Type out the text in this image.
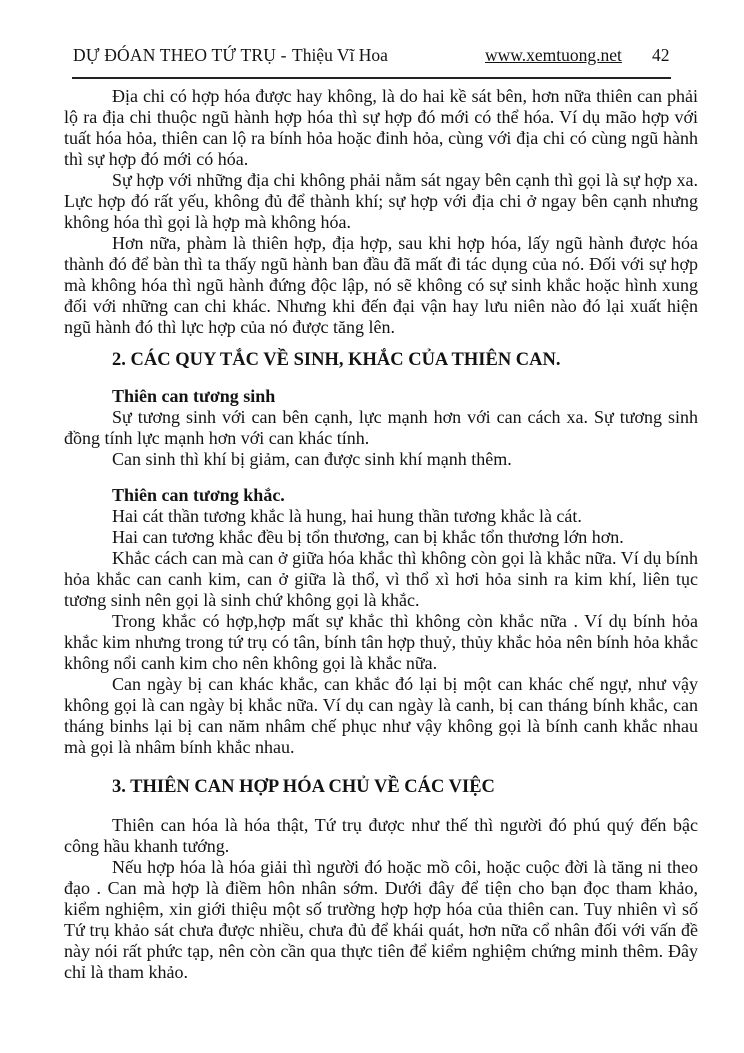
DỰ ĐÓAN THEO TỨ TRỤ - Thiệu Vĩ Hoa	www.xemtuong.net 42

Địa chi có hợp hóa được hay không, là do hai kề sát bên, hơn nữa thiên can phải lộ ra địa chi thuộc ngũ hành hợp hóa thì sự hợp đó mới có thể hóa. Ví dụ mão hợp với tuất hóa hỏa, thiên can lộ ra bính hỏa hoặc đinh hỏa, cùng với địa chi có cùng ngũ hành thì sự hợp đó mới có hóa.

Sự hợp với những địa chi không phải nằm sát ngay bên cạnh thì gọi là sự hợp xa. Lực hợp đó rất yếu, không đủ để thành khí; sự hợp với địa chi ở ngay bên cạnh nhưng không hóa thì gọi là hợp mà không hóa.

Hơn nữa, phàm là thiên hợp, địa hợp, sau khi hợp hóa, lấy ngũ hành được hóa thành đó để bàn thì ta thấy ngũ hành ban đầu đã mất đi tác dụng của nó. Đối với sự hợp mà không hóa thì ngũ hành đứng độc lập, nó sẽ không có sự sinh khắc hoặc hình xung đối với những can chi khác. Nhưng khi đến đại vận hay lưu niên nào đó lại xuất hiện ngũ hành đó thì lực hợp của nó được tăng lên.

2. CÁC QUY TẮC VỀ SINH, KHẮC CỦA THIÊN CAN.
Thiên can tương sinh

Sự tương sinh với can bên cạnh, lực mạnh hơn với can cách xa. Sự tương sinh đồng tính lực mạnh hơn với can khác tính.

Can sinh thì khí bị giảm, can được sinh khí mạnh thêm.

Thiên can tương khắc.

Hai cát thần tương khắc là hung, hai hung thần tương khắc là cát.

Hai can tương khắc đều bị tổn thương, can bị khắc tổn thương lớn hơn.

Khắc cách can mà can ở giữa hóa khắc thì không còn gọi là khắc nữa. Ví dụ bính hỏa khắc can canh kim, can ở giữa là thổ, vì thổ xì hơi hỏa sinh ra kim khí, liên tục tương sinh nên gọi là sinh chứ không gọi là khắc.

Trong khắc có hợp,hợp mất sự khắc thì không còn khắc nữa . Ví dụ bính hỏa khắc kim nhưng trong tứ trụ có tân, bính tân hợp thuỷ, thủy khắc hỏa nên bính hỏa khắc không nổi canh kim cho nên không gọi là khắc nữa.

Can ngày bị can khác khắc, can khắc đó lại bị một can khác chế ngự, như vậy không gọi là can ngày bị khắc nữa. Ví dụ can ngày là canh, bị can tháng bính khắc, can tháng binhs lại bị can năm nhâm chế phục như vậy không gọi là bính canh khắc nhau mà gọi là nhâm bính khắc nhau.

3. THIÊN CAN HỢP HÓA CHỦ VỀ CÁC VIỆC

Thiên can hóa là hóa thật, Tứ trụ được như thế thì người đó phú quý đến bậc công hầu khanh tướng.

Nếu hợp hóa là hóa giải thì người đó hoặc mồ côi, hoặc cuộc đời là tăng ni theo đạo . Can mà hợp là điềm hôn nhân sớm. Dưới đây để tiện cho bạn đọc tham khảo, kiểm nghiệm, xin giới thiệu một số trường hợp hợp hóa của thiên can. Tuy nhiên vì số Tứ trụ khảo sát chưa được nhiều, chưa đủ để khái quát, hơn nữa cổ nhân đối với vấn đề này nói rất phức tạp, nên còn cần qua thực tiên để kiểm nghiệm chứng minh thêm. Đây chỉ là tham khảo.
